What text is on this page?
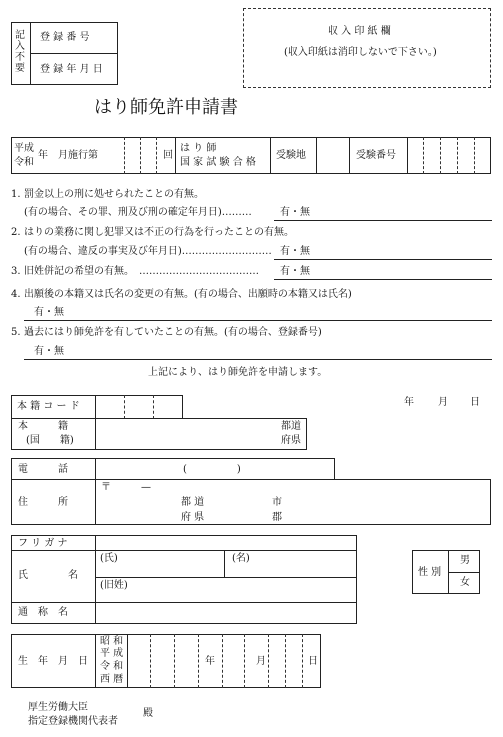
記入不要
登 録 番 号
登 録 年 月 日
収 入 印 紙 欄
(収入印紙は消印しないで下さい。)
はり師免許申請書
平成
令和
年　月施行第	回
は り 師
国 家 試 験 合 格
受験地	受験番号
1. 罰金以上の刑に処せられたことの有無。
(有の場合、その罪、刑及び刑の確定年月日)………	有・無
2. はりの業務に関し犯罪又は不正の行為を行ったことの有無。
(有の場合、違反の事実及び年月日)……………………… 有・無
3. 旧姓併記の希望の有無。　……………………………… 有・無
4. 出願後の本籍又は氏名の変更の有無。(有の場合、出願時の本籍又は氏名)
有・無
5. 過去にはり師免許を有していたことの有無。(有の場合、登録番号)
有・無
上記により、はり師免許を申請します。
年 月 日
本 籍 コ ー ド
本　　　籍
(国　　籍)
都道
府県
電　　　話	(　　　　　)
住　　　所
〒　　　—
都 道
府 県
市
郡
フ リ ガ ナ
氏　　　　名
(氏)	(名)
(旧姓)
性 別
男
女
通　称　名
生　年　月　日
昭 和
平 成
令 和
西 暦
年	月	日
厚生労働大臣
指定登録機関代表者
殿
